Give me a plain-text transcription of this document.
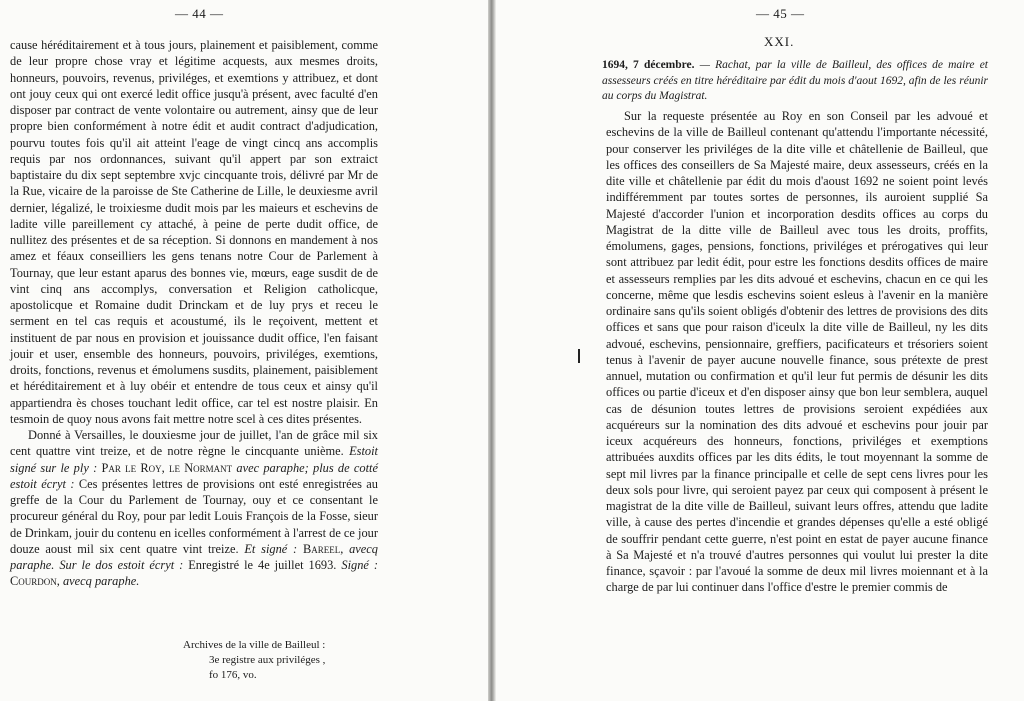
— 44 —

cause héréditairement et à tous jours, plainement et paisiblement, comme de leur propre chose vray et légitime acquests, aux mesmes droits, honneurs, pouvoirs, revenus, priviléges, et exemtions y attribuez, et dont ont jouy ceux qui ont exercé ledit office jusqu'à présent, avec faculté d'en disposer par contract de vente volontaire ou autrement, ainsy que de leur propre bien conformément à notre édit et audit contract d'adjudication, pourvu toutes fois qu'il ait atteint l'eage de vingt cincq ans accomplis requis par nos ordonnances, suivant qu'il appert par son extraict baptistaire du dix sept septembre xvjc cincquante trois, délivré par Mr de la Rue, vicaire de la paroisse de Ste Catherine de Lille, le deuxiesme avril dernier, légalizé, le troixiesme dudit mois par les maieurs et eschevins de ladite ville pareillement cy attaché, à peine de perte dudit office, de nullitez des présentes et de sa réception. Si donnons en mandement à nos amez et féaux conseilliers les gens tenans notre Cour de Parlement à Tournay, que leur estant aparus des bonnes vie, mœurs, eage susdit de de vint cinq ans accomplys, conversation et Religion catholicque, apostolicque et Romaine dudit Drinckam et de luy prys et receu le serment en tel cas requis et acoustumé, ils le reçoivent, mettent et instituent de par nous en provision et jouissance dudit office, l'en faisant jouir et user, ensemble des honneurs, pouvoirs, priviléges, exemtions, droits, fonctions, revenus et émolumens susdits, plainement, paisiblement et héréditairement et à luy obéir et entendre de tous ceux et ainsy qu'il appartiendra ès choses touchant ledit office, car tel est nostre plaisir. En tesmoin de quoy nous avons fait mettre notre scel à ces dites présentes.

Donné à Versailles, le douxiesme jour de juillet, l'an de grâce mil six cent quattre vint treize, et de notre règne le cincquante unième. Estoit signé sur le ply : Par le Roy, le Normant avec paraphe; plus de cotté estoit écryt : Ces présentes lettres de provisions ont esté enregistrées au greffe de la Cour du Parlement de Tournay, ouy et ce consentant le procureur général du Roy, pour par ledit Louis François de la Fosse, sieur de Drinkam, jouir du contenu en icelles conformément à l'arrest de ce jour douze aoust mil six cent quatre vint treize. Et signé : Bareel, avecq paraphe. Sur le dos estoit écryt : Enregistré le 4e juillet 1693. Signé : Courdon, avecq paraphe.

Archives de la ville de Bailleul :
3e registre aux priviléges ,
fo 176, vo.
— 45 —
XXI.
1694, 7 décembre. — Rachat, par la ville de Bailleul, des offices de maire et assesseurs créés en titre héréditaire par édit du mois d'aout 1692, afin de les réunir au corps du Magistrat.

Sur la requeste présentée au Roy en son Conseil par les advoué et eschevins de la ville de Bailleul contenant qu'attendu l'importante nécessité, pour conserver les priviléges de la dite ville et châtellenie de Bailleul, que les offices des conseillers de Sa Majesté maire, deux assesseurs, créés en la dite ville et châtellenie par édit du mois d'aoust 1692 ne soient point levés indifféremment par toutes sortes de personnes, ils auroient supplié Sa Majesté d'accorder l'union et incorporation desdits offices au corps du Magistrat de la ditte ville de Bailleul avec tous les droits, proffits, émolumens, gages, pensions, fonctions, priviléges et prérogatives qui leur sont attribuez par ledit édit, pour estre les fonctions desdits offices de maire et assesseurs remplies par les dits advoué et eschevins, chacun en ce qui les concerne, même que lesdis eschevins soient esleus à l'avenir en la manière ordinaire sans qu'ils soient obligés d'obtenir des lettres de provisions des dits offices et sans que pour raison d'iceulx la dite ville de Bailleul, ny les dits advoué, eschevins, pensionnaire, greffiers, pacificateurs et trésoriers soient tenus à l'avenir de payer aucune nouvelle finance, sous prétexte de prest annuel, mutation ou confirmation et qu'il leur fut permis de désunir les dits offices ou partie d'iceux et d'en disposer ainsy que bon leur semblera, auquel cas de désunion toutes lettres de provisions seroient expédiées aux acquéreurs sur la nomination des dits advoué et eschevins pour jouir par iceux acquéreurs des honneurs, fonctions, priviléges et exemptions attribuées auxdits offices par les dits édits, le tout moyennant la somme de sept mil livres par la finance principalle et celle de sept cens livres pour les deux sols pour livre, qui seroient payez par ceux qui composent à présent le magistrat de la dite ville de Bailleul, suivant leurs offres, attendu que ladite ville, à cause des pertes d'incendie et grandes dépenses qu'elle a esté obligé de souffrir pendant cette guerre, n'est point en estat de payer aucune finance à Sa Majesté et n'a trouvé d'autres personnes qui voulut lui prester la dite finance, sçavoir : par l'avoué la somme de deux mil livres moiennant et à la charge de par lui continuer dans l'office d'estre le premier commis de
